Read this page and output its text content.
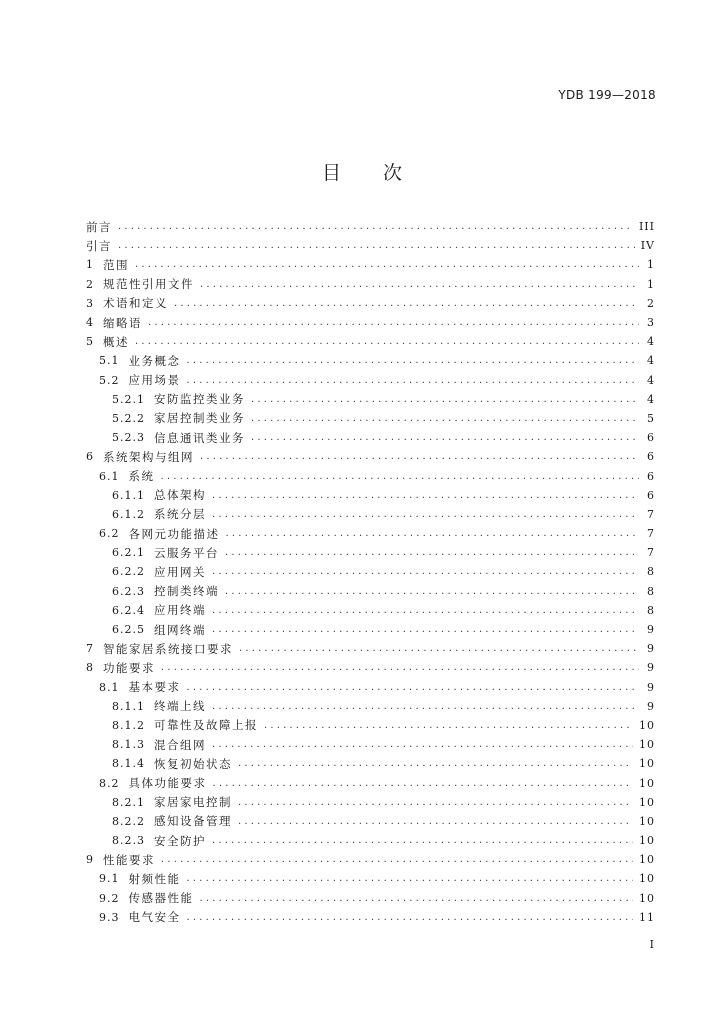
YDB 199—2018
目 次
前言 . . .	III
引言 . . .	IV
1 范围 . . .	1
2 规范性引用文件 . . .	1
3 术语和定义 . . .	2
4 缩略语 . . .	3
5 概述 . . .	4
5.1 业务概念 . . .	4
5.2 应用场景 . . .	4
5.2.1 安防监控类业务 . . .	4
5.2.2 家居控制类业务 . . .	5
5.2.3 信息通讯类业务 . . .	6
6 系统架构与组网 . . .	6
6.1 系统 . . .	6
6.1.1 总体架构 . . .	6
6.1.2 系统分层 . . .	7
6.2 各网元功能描述 . . .	7
6.2.1 云服务平台 . . .	7
6.2.2 应用网关 . . .	8
6.2.3 控制类终端 . . .	8
6.2.4 应用终端 . . .	8
6.2.5 组网终端 . . .	9
7 智能家居系统接口要求 . . .	9
8 功能要求 . . .	9
8.1 基本要求 . . .	9
8.1.1 终端上线 . . .	9
8.1.2 可靠性及故障上报 . . .	10
8.1.3 混合组网 . . .	10
8.1.4 恢复初始状态 . . .	10
8.2 具体功能要求 . . .	10
8.2.1 家居家电控制 . . .	10
8.2.2 感知设备管理 . . .	10
8.2.3 安全防护 . . .	10
9 性能要求 . . .	10
9.1 射频性能 . . .	10
9.2 传感器性能 . . .	10
9.3 电气安全 . . .	11
I
